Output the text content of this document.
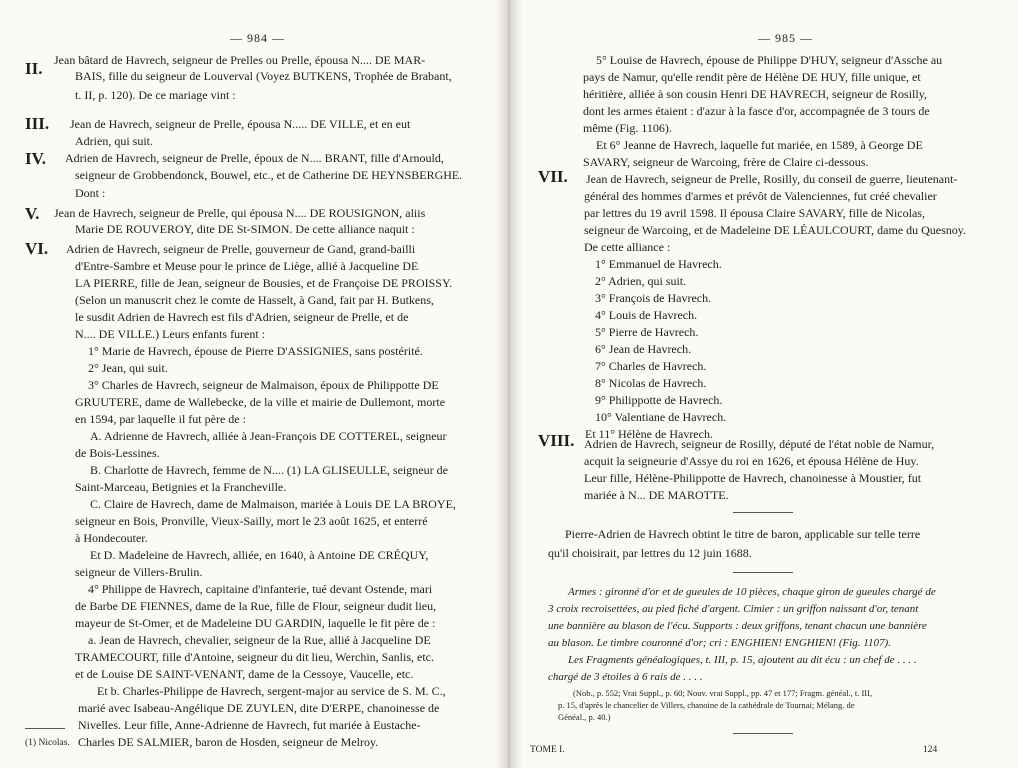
— 984 —
II.
III.
IV.
V.
VI.
Jean bâtard de Havrech, seigneur de Prelles ou Prelle, épousa N.... DE MAR-
BAIS, fille du seigneur de Louverval (Voyez BUTKENS, Trophée de Brabant,
t. II, p. 120). De ce mariage vint :
Jean de Havrech, seigneur de Prelle, épousa N..... DE VILLE, et en eut
Adrien, qui suit.
Adrien de Havrech, seigneur de Prelle, époux de N.... BRANT, fille d'Arnould,
seigneur de Grobbendonck, Bouwel, etc., et de Catherine DE HEYNSBERGHE.
Dont :
Jean de Havrech, seigneur de Prelle, qui épousa N.... DE ROUSIGNON, aliis
Marie DE ROUVEROY, dite DE St-SIMON. De cette alliance naquit :
Adrien de Havrech, seigneur de Prelle, gouverneur de Gand, grand-bailli
d'Entre-Sambre et Meuse pour le prince de Liège, allié à Jacqueline DE
LA PIERRE, fille de Jean, seigneur de Bousies, et de Françoise DE PROISSY.
(Selon un manuscrit chez le comte de Hasselt, à Gand, fait par H. Butkens,
le susdit Adrien de Havrech est fils d'Adrien, seigneur de Prelle, et de
N.... DE VILLE.) Leurs enfants furent :
1° Marie de Havrech, épouse de Pierre D'ASSIGNIES, sans postérité.
2° Jean, qui suit.
3° Charles de Havrech, seigneur de Malmaison, époux de Philippotte DE
GRUUTERE, dame de Wallebecke, de la ville et mairie de Dullemont, morte
en 1594, par laquelle il fut père de :
A. Adrienne de Havrech, alliée à Jean-François DE COTTEREL, seigneur
de Bois-Lessines.
B. Charlotte de Havrech, femme de N.... (1) LA GLISEULLE, seigneur de
Saint-Marceau, Betignies et la Francheville.
C. Claire de Havrech, dame de Malmaison, mariée à Louis DE LA BROYE,
seigneur en Bois, Pronville, Vieux-Sailly, mort le 23 août 1625, et enterré
à Hondecouter.
Et D. Madeleine de Havrech, alliée, en 1640, à Antoine DE CRÉQUY,
seigneur de Villers-Brulin.
4° Philippe de Havrech, capitaine d'infanterie, tué devant Ostende, mari
de Barbe DE FIENNES, dame de la Rue, fille de Flour, seigneur dudit lieu,
mayeur de St-Omer, et de Madeleine DU GARDIN, laquelle le fit père de :
a. Jean de Havrech, chevalier, seigneur de la Rue, allié à Jacqueline DE
TRAMECOURT, fille d'Antoine, seigneur du dit lieu, Werchin, Sanlis, etc.
et de Louise DE SAINT-VENANT, dame de la Cessoye, Vaucelle, etc.
Et b. Charles-Philippe de Havrech, sergent-major au service de S. M. C.,
marié avec Isabeau-Angélique DE ZUYLEN, dite D'ERPE, chanoinesse de
Nivelles. Leur fille, Anne-Adrienne de Havrech, fut mariée à Eustache-
Charles DE SALMIER, baron de Hosden, seigneur de Melroy.
(1) Nicolas.
— 985 —
VII.
VIII.
5° Louise de Havrech, épouse de Philippe D'HUY, seigneur d'Assche au
pays de Namur, qu'elle rendit père de Hélène DE HUY, fille unique, et
héritière, alliée à son cousin Henri DE HAVRECH, seigneur de Rosilly,
dont les armes étaient : d'azur à la fasce d'or, accompagnée de 3 tours de
même (Fig. 1106).
Et 6° Jeanne de Havrech, laquelle fut mariée, en 1589, à George DE
SAVARY, seigneur de Warcoing, frère de Claire ci-dessous.
Jean de Havrech, seigneur de Prelle, Rosilly, du conseil de guerre, lieutenant-
général des hommes d'armes et prévôt de Valenciennes, fut créé chevalier
par lettres du 19 avril 1598. Il épousa Claire SAVARY, fille de Nicolas,
seigneur de Warcoing, et de Madeleine DE LÉAULCOURT, dame du Quesnoy.
De cette alliance :
1° Emmanuel de Havrech.
2° Adrien, qui suit.
3° François de Havrech.
4° Louis de Havrech.
5° Pierre de Havrech.
6° Jean de Havrech.
7° Charles de Havrech.
8° Nicolas de Havrech.
9° Philippotte de Havrech.
10° Valentiane de Havrech.
Et 11° Hélène de Havrech.
Adrien de Havrech, seigneur de Rosilly, député de l'état noble de Namur,
acquit la seigneurie d'Assye du roi en 1626, et épousa Hélène de Huy.
Leur fille, Hélène-Philippotte de Havrech, chanoinesse à Moustier, fut
mariée à N... DE MAROTTE.
Pierre-Adrien de Havrech obtint le titre de baron, applicable sur telle terre
qu'il choisirait, par lettres du 12 juin 1688.
Armes : gironné d'or et de gueules de 10 pièces, chaque giron de gueules chargé de
3 croix recroisettées, au pied fiché d'argent. Cimier : un griffon naissant d'or, tenant
une bannière au blason de l'écu. Supports : deux griffons, tenant chacun une bannière
au blason. Le timbre couronné d'or; cri : ENGHIEN! ENGHIEN! (Fig. 1107).
Les Fragments généalogiques, t. III, p. 15, ajoutent au dit écu : un chef de . . . .
chargé de 3 étoiles à 6 rais de . . . .
(Nob., p. 552; Vrai Suppl., p. 60; Nouv. vrai Suppl., pp. 47 et 177; Fragm. généal., t. III,
p. 15, d'après le chancelier de Villers, chanoine de la cathédrale de Tournai; Mélang. de
Généal., p. 40.)
TOME I.	124
